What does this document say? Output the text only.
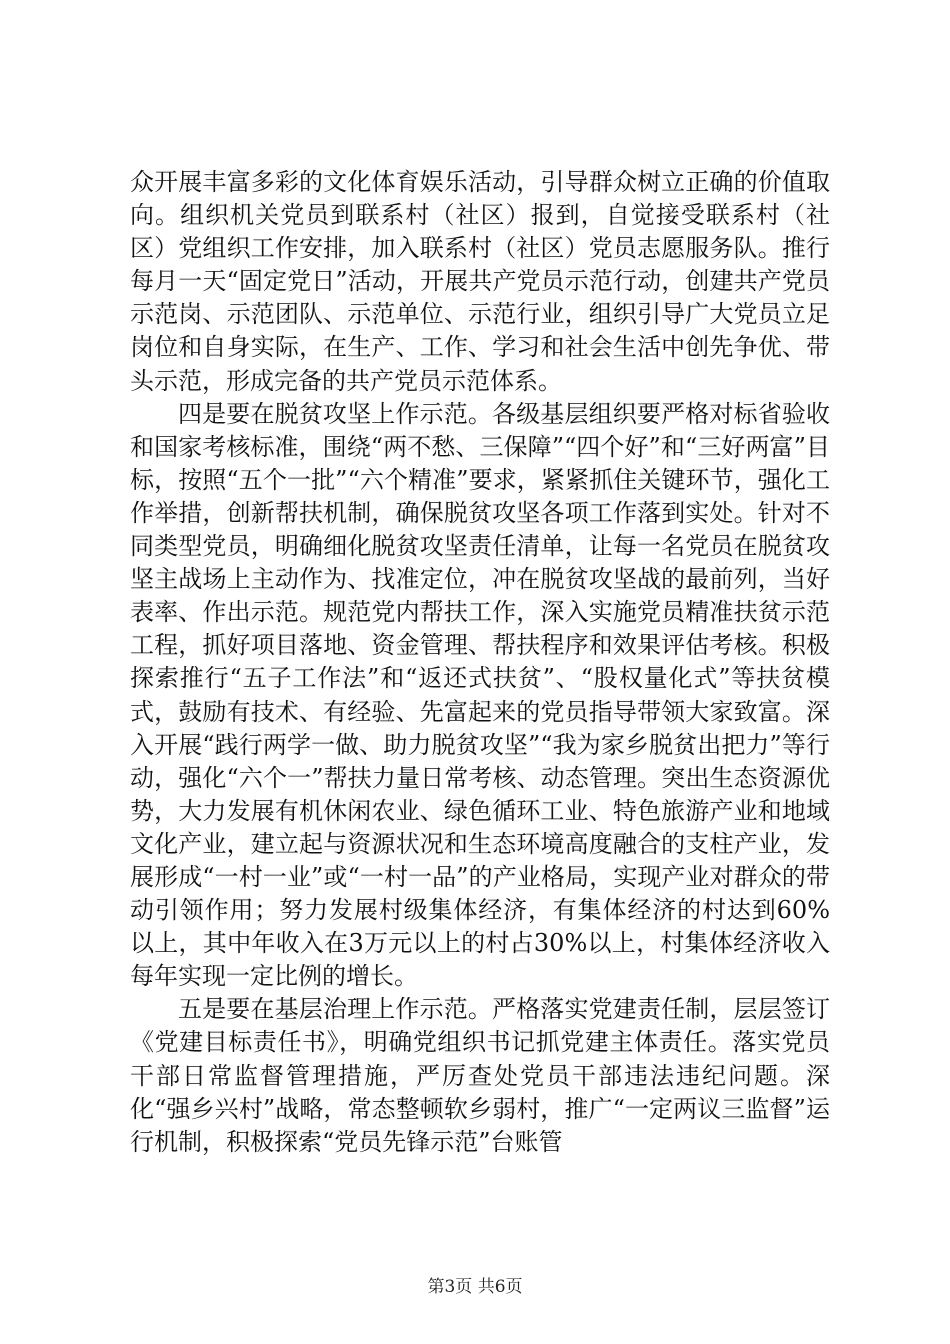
众开展丰富多彩的文化体育娱乐活动，引导群众树立正确的价值取向。组织机关党员到联系村（社区）报到，自觉接受联系村（社区）党组织工作安排，加入联系村（社区）党员志愿服务队。推行每月一天“固定党日”活动，开展共产党员示范行动，创建共产党员示范岗、示范团队、示范单位、示范行业，组织引导广大党员立足岗位和自身实际，在生产、工作、学习和社会生活中创先争优、带头示范，形成完备的共产党员示范体系。

四是要在脱贫攻坚上作示范。各级基层组织要严格对标省验收和国家考核标准，围绕“两不愁、三保障”“四个好”和“三好两富”目标，按照“五个一批”“六个精准”要求，紧紧抓住关键环节，强化工作举措，创新帮扶机制，确保脱贫攻坚各项工作落到实处。针对不同类型党员，明确细化脱贫攻坚责任清单，让每一名党员在脱贫攻坚主战场上主动作为、找准定位，冲在脱贫攻坚战的最前列，当好表率、作出示范。规范党内帮扶工作，深入实施党员精准扶贫示范工程，抓好项目落地、资金管理、帮扶程序和效果评估考核。积极探索推行“五子工作法”和“返还式扶贫”、“股权量化式”等扶贫模式，鼓励有技术、有经验、先富起来的党员指导带领大家致富。深入开展“践行两学一做、助力脱贫攻坚”“我为家乡脱贫出把力”等行动，强化“六个一”帮扶力量日常考核、动态管理。突出生态资源优势，大力发展有机休闲农业、绿色循环工业、特色旅游产业和地域文化产业，建立起与资源状况和生态环境高度融合的支柱产业，发展形成“一村一业”或“一村一品”的产业格局，实现产业对群众的带动引领作用；努力发展村级集体经济，有集体经济的村达到60%以上，其中年收入在3万元以上的村占30%以上，村集体经济收入每年实现一定比例的增长。

五是要在基层治理上作示范。严格落实党建责任制，层层签订《党建目标责任书》，明确党组织书记抓党建主体责任。落实党员干部日常监督管理措施，严厉查处党员干部违法违纪问题。深化“强乡兴村”战略，常态整顿软乡弱村，推广“一定两议三监督”运行机制，积极探索“党员先锋示范”台账管

第3页 共6页
